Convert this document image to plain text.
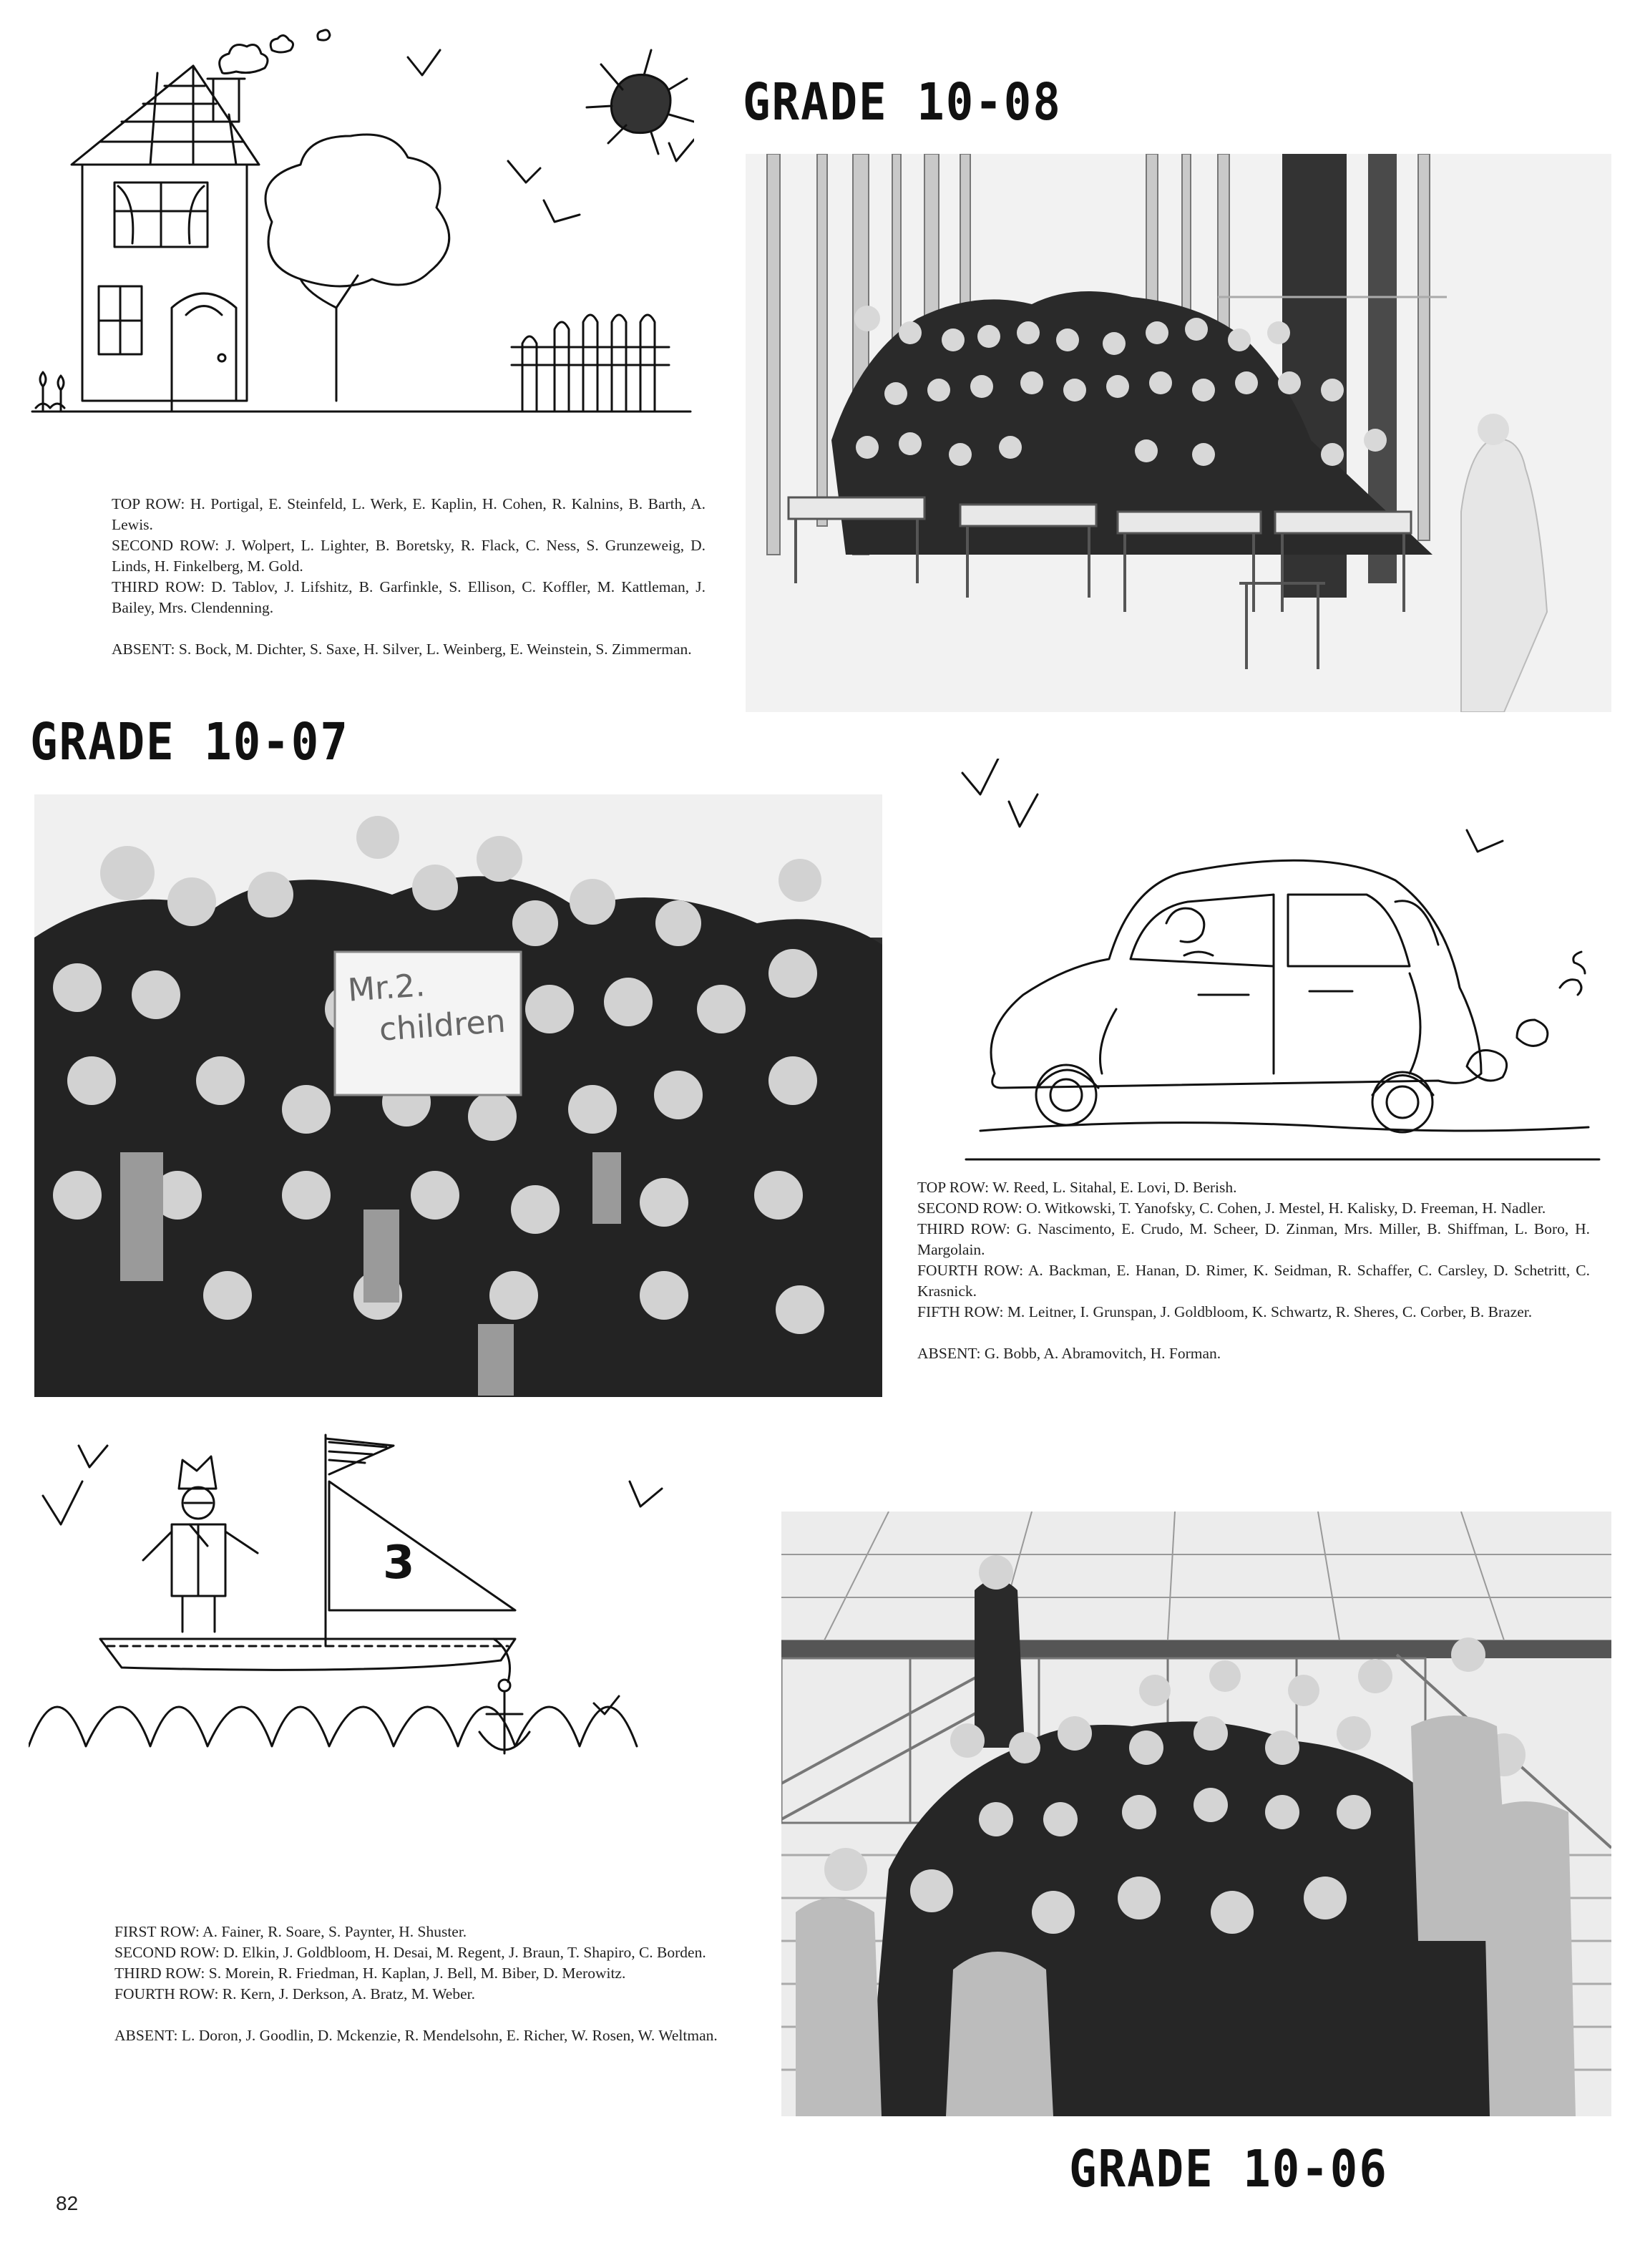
GRADE 10-08
GRADE 10-07
GRADE 10-06

TOP ROW: H. Portigal, E. Steinfeld, L. Werk, E. Kaplin, H. Cohen, R. Kalnins, B. Barth, A. Lewis.

SECOND ROW: J. Wolpert, L. Lighter, B. Boretsky, R. Flack, C. Ness, S. Grunzeweig, D. Linds, H. Finkelberg, M. Gold.

THIRD ROW: D. Tablov, J. Lifshitz, B. Garfinkle, S. Ellison, C. Koffler, M. Kattleman, J. Bailey, Mrs. Clendenning.

ABSENT: S. Bock, M. Dichter, S. Saxe, H. Silver, L. Weinberg, E. Weinstein, S. Zimmerman.

Mr.2.
children

TOP ROW: W. Reed, L. Sitahal, E. Lovi, D. Berish.

SECOND ROW: O. Witkowski, T. Yanofsky, C. Cohen, J. Mestel, H. Kalisky, D. Freeman, H. Nadler.

THIRD ROW: G. Nascimento, E. Crudo, M. Scheer, D. Zinman, Mrs. Miller, B. Shiffman, L. Boro, H. Margolain.

FOURTH ROW: A. Backman, E. Hanan, D. Rimer, K. Seidman, R. Schaffer, C. Carsley, D. Schetritt, C. Krasnick.

FIFTH ROW: M. Leitner, I. Grunspan, J. Goldbloom, K. Schwartz, R. Sheres, C. Corber, B. Brazer.

ABSENT: G. Bobb, A. Abramovitch, H. Forman.

3

FIRST ROW: A. Fainer, R. Soare, S. Paynter, H. Shuster.

SECOND ROW: D. Elkin, J. Goldbloom, H. Desai, M. Regent, J. Braun, T. Shapiro, C. Borden.

THIRD ROW: S. Morein, R. Friedman, H. Kaplan, J. Bell, M. Biber, D. Merowitz.

FOURTH ROW: R. Kern, J. Derkson, A. Bratz, M. Weber.

ABSENT: L. Doron, J. Goodlin, D. Mckenzie, R. Mendelsohn, E. Richer, W. Rosen, W. Weltman.

82
